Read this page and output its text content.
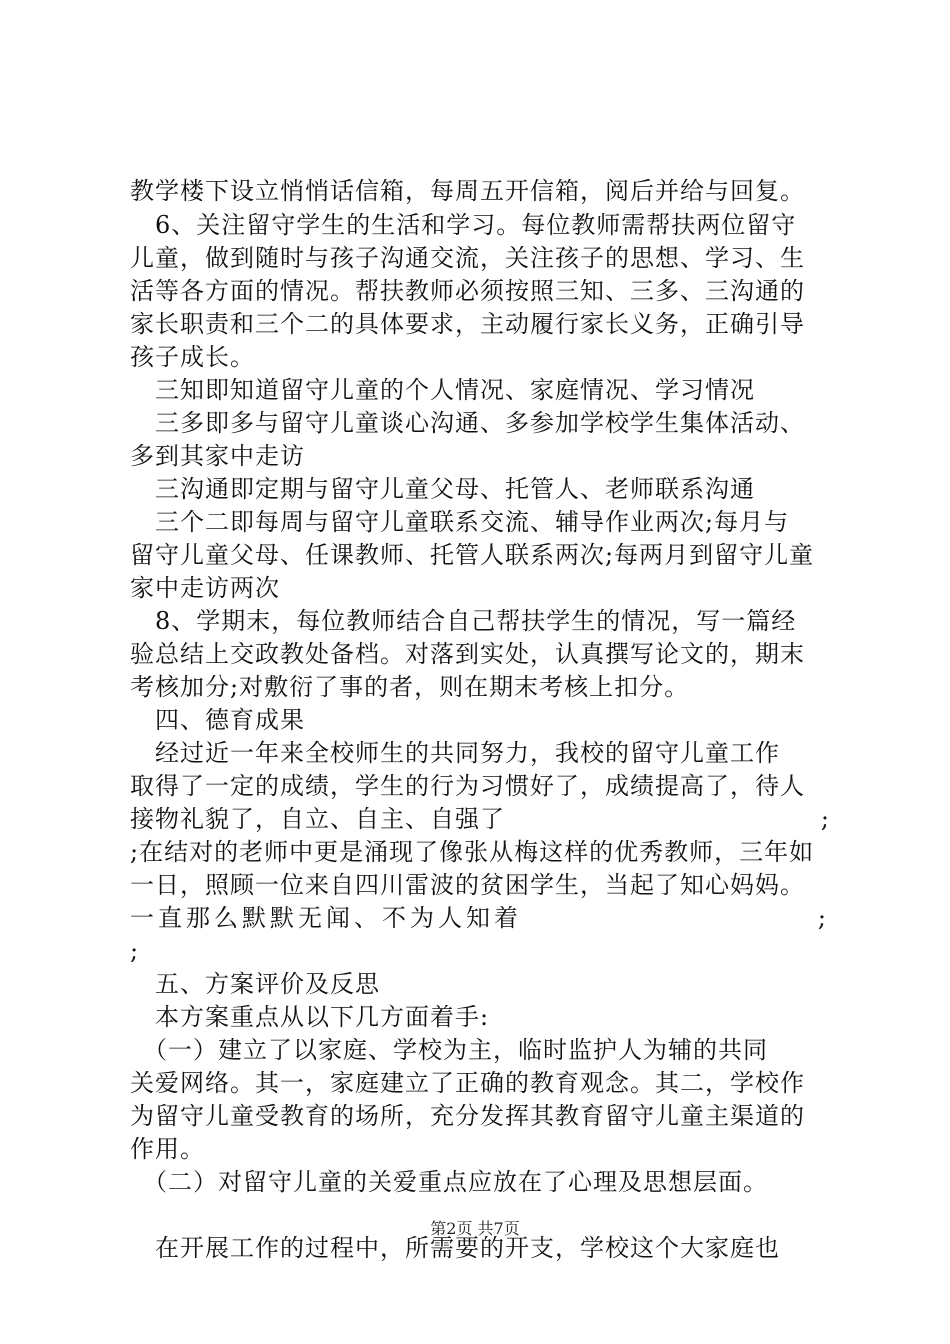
教学楼下设立悄悄话信箱，每周五开信箱，阅后并给与回复。
　6、关注留守学生的生活和学习。每位教师需帮扶两位留守
儿童，做到随时与孩子沟通交流，关注孩子的思想、学习、生
活等各方面的情况。帮扶教师必须按照三知、三多、三沟通的
家长职责和三个二的具体要求，主动履行家长义务，正确引导
孩子成长。
　三知即知道留守儿童的个人情况、家庭情况、学习情况
　三多即多与留守儿童谈心沟通、多参加学校学生集体活动、
多到其家中走访
　三沟通即定期与留守儿童父母、托管人、老师联系沟通
　三个二即每周与留守儿童联系交流、辅导作业两次;每月与
留守儿童父母、任课教师、托管人联系两次;每两月到留守儿童
家中走访两次
　8、学期末，每位教师结合自己帮扶学生的情况，写一篇经
验总结上交政教处备档。对落到实处，认真撰写论文的，期末
考核加分;对敷衍了事的者，则在期末考核上扣分。
　四、德育成果
　经过近一年来全校师生的共同努力，我校的留守儿童工作
取得了一定的成绩，学生的行为习惯好了，成绩提高了，待人
接物礼貌了，自立、自主、自强了	;
;在结对的老师中更是涌现了像张从梅这样的优秀教师，三年如
一日，照顾一位来自四川雷波的贫困学生，当起了知心妈妈。
一直那么默默无闻、不为人知着	;
;
　五、方案评价及反思
　本方案重点从以下几方面着手:
　（一）建立了以家庭、学校为主，临时监护人为辅的共同
关爱网络。其一，家庭建立了正确的教育观念。其二，学校作
为留守儿童受教育的场所，充分发挥其教育留守儿童主渠道的
作用。
　（二）对留守儿童的关爱重点应放在了心理及思想层面。
　在开展工作的过程中，所需要的开支，学校这个大家庭也
第2页 共7页
